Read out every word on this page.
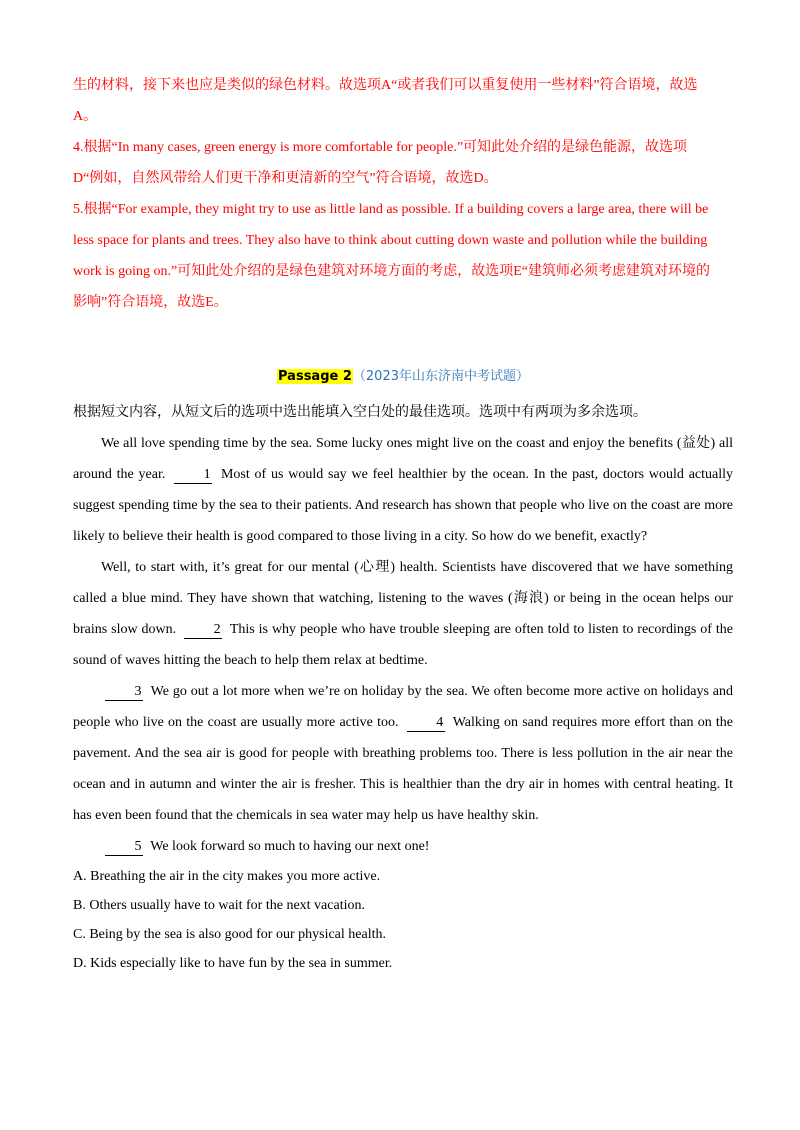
生的材料，接下来也应是类似的绿色材料。故选项A“或者我们可以重复使用一些材料”符合语境，故选

A。

4.根据“In many cases, green energy is more comfortable for people.”可知此处介绍的是绿色能源，故选项

D“例如，自然风带给人们更干净和更清新的空气”符合语境，故选D。

5.根据“For example, they might try to use as little land as possible. If a building covers a large area, there will be

less space for plants and trees. They also have to think about cutting down waste and pollution while the building

work is going on.”可知此处介绍的是绿色建筑对环境方面的考虑，故选项E“建筑师必须考虑建筑对环境的

影响”符合语境，故选E。

Passage 2（2023年山东济南中考试题）
根据短文内容，从短文后的选项中选出能填入空白处的最佳选项。选项中有两项为多余选项。

We all love spending time by the sea. Some lucky ones might live on the coast and enjoy the benefits (益处) all around the year.	1 Most of us would say we feel healthier by the ocean. In the past, doctors would actually suggest spending time by the sea to their patients. And research has shown that people who live on the coast are more likely to believe their health is good compared to those living in a city. So how do we benefit, exactly?

Well, to start with, it’s great for our mental (心理) health. Scientists have discovered that we have something called a blue mind. They have shown that watching, listening to the waves (海浪) or being in the ocean helps our brains slow down.	2 This is why people who have trouble sleeping are often told to listen to recordings of the sound of waves hitting the beach to help them relax at bedtime.

3 We go out a lot more when we’re on holiday by the sea. We often become more active on holidays and people who live on the coast are usually more active too.	4 Walking on sand requires more effort than on the pavement. And the sea air is good for people with breathing problems too. There is less pollution in the air near the ocean and in autumn and winter the air is fresher. This is healthier than the dry air in homes with central heating. It has even been found that the chemicals in sea water may help us have healthy skin.

5 We look forward so much to having our next one!

A. Breathing the air in the city makes you more active.
B. Others usually have to wait for the next vacation.
C. Being by the sea is also good for our physical health.
D. Kids especially like to have fun by the sea in summer.
